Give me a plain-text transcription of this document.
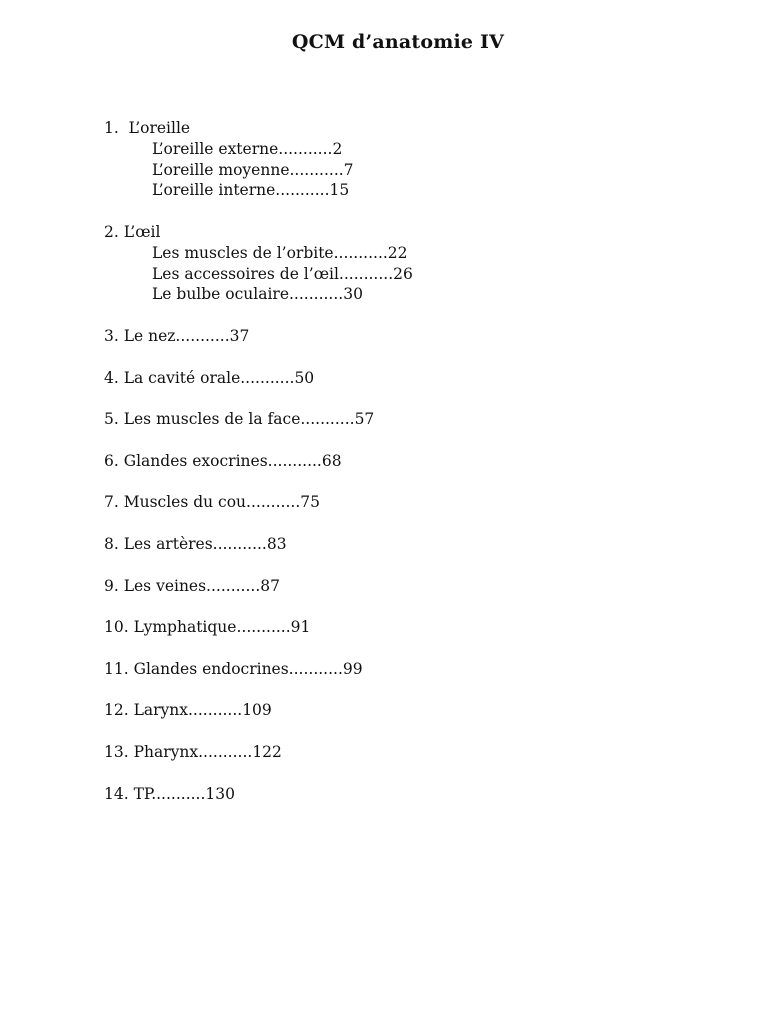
QCM d’anatomie IV
1.  L’oreille
L’oreille externe...........2
L’oreille moyenne...........7
L’oreille interne...........15
2. L’œil
Les muscles de l’orbite...........22
Les accessoires de l’œil...........26
Le bulbe oculaire...........30
3. Le nez...........37
4. La cavité orale...........50
5. Les muscles de la face...........57
6. Glandes exocrines...........68
7. Muscles du cou...........75
8. Les artères...........83
9. Les veines...........87
10. Lymphatique...........91
11. Glandes endocrines...........99
12. Larynx...........109
13. Pharynx...........122
14. TP...........130
